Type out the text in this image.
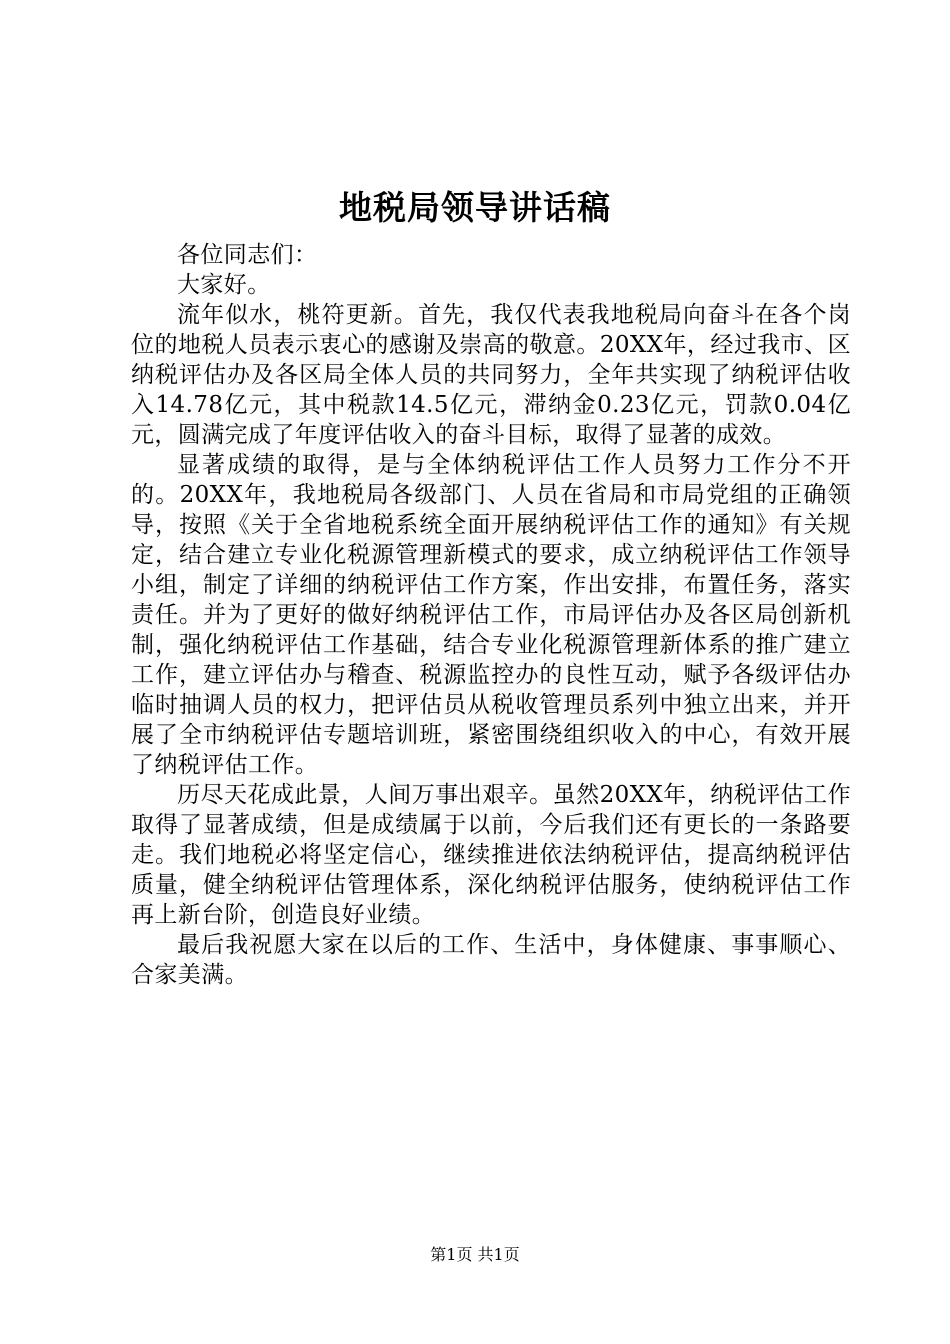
地税局领导讲话稿

各位同志们：

大家好。

流年似水，桃符更新。首先，我仅代表我地税局向奋斗在各个岗位的地税人员表示衷心的感谢及崇高的敬意。20XX年，经过我市、区纳税评估办及各区局全体人员的共同努力，全年共实现了纳税评估收入14.78亿元，其中税款14.5亿元，滞纳金0.23亿元，罚款0.04亿元，圆满完成了年度评估收入的奋斗目标，取得了显著的成效。

显著成绩的取得，是与全体纳税评估工作人员努力工作分不开的。20XX年，我地税局各级部门、人员在省局和市局党组的正确领导，按照《关于全省地税系统全面开展纳税评估工作的通知》有关规定，结合建立专业化税源管理新模式的要求，成立纳税评估工作领导小组，制定了详细的纳税评估工作方案，作出安排，布置任务，落实责任。并为了更好的做好纳税评估工作，市局评估办及各区局创新机制，强化纳税评估工作基础，结合专业化税源管理新体系的推广建立工作，建立评估办与稽查、税源监控办的良性互动，赋予各级评估办临时抽调人员的权力，把评估员从税收管理员系列中独立出来，并开展了全市纳税评估专题培训班，紧密围绕组织收入的中心，有效开展了纳税评估工作。

历尽天花成此景，人间万事出艰辛。虽然20XX年，纳税评估工作取得了显著成绩，但是成绩属于以前，今后我们还有更长的一条路要走。我们地税必将坚定信心，继续推进依法纳税评估，提高纳税评估质量，健全纳税评估管理体系，深化纳税评估服务，使纳税评估工作再上新台阶，创造良好业绩。

最后我祝愿大家在以后的工作、生活中，身体健康、事事顺心、合家美满。

第1页 共1页
